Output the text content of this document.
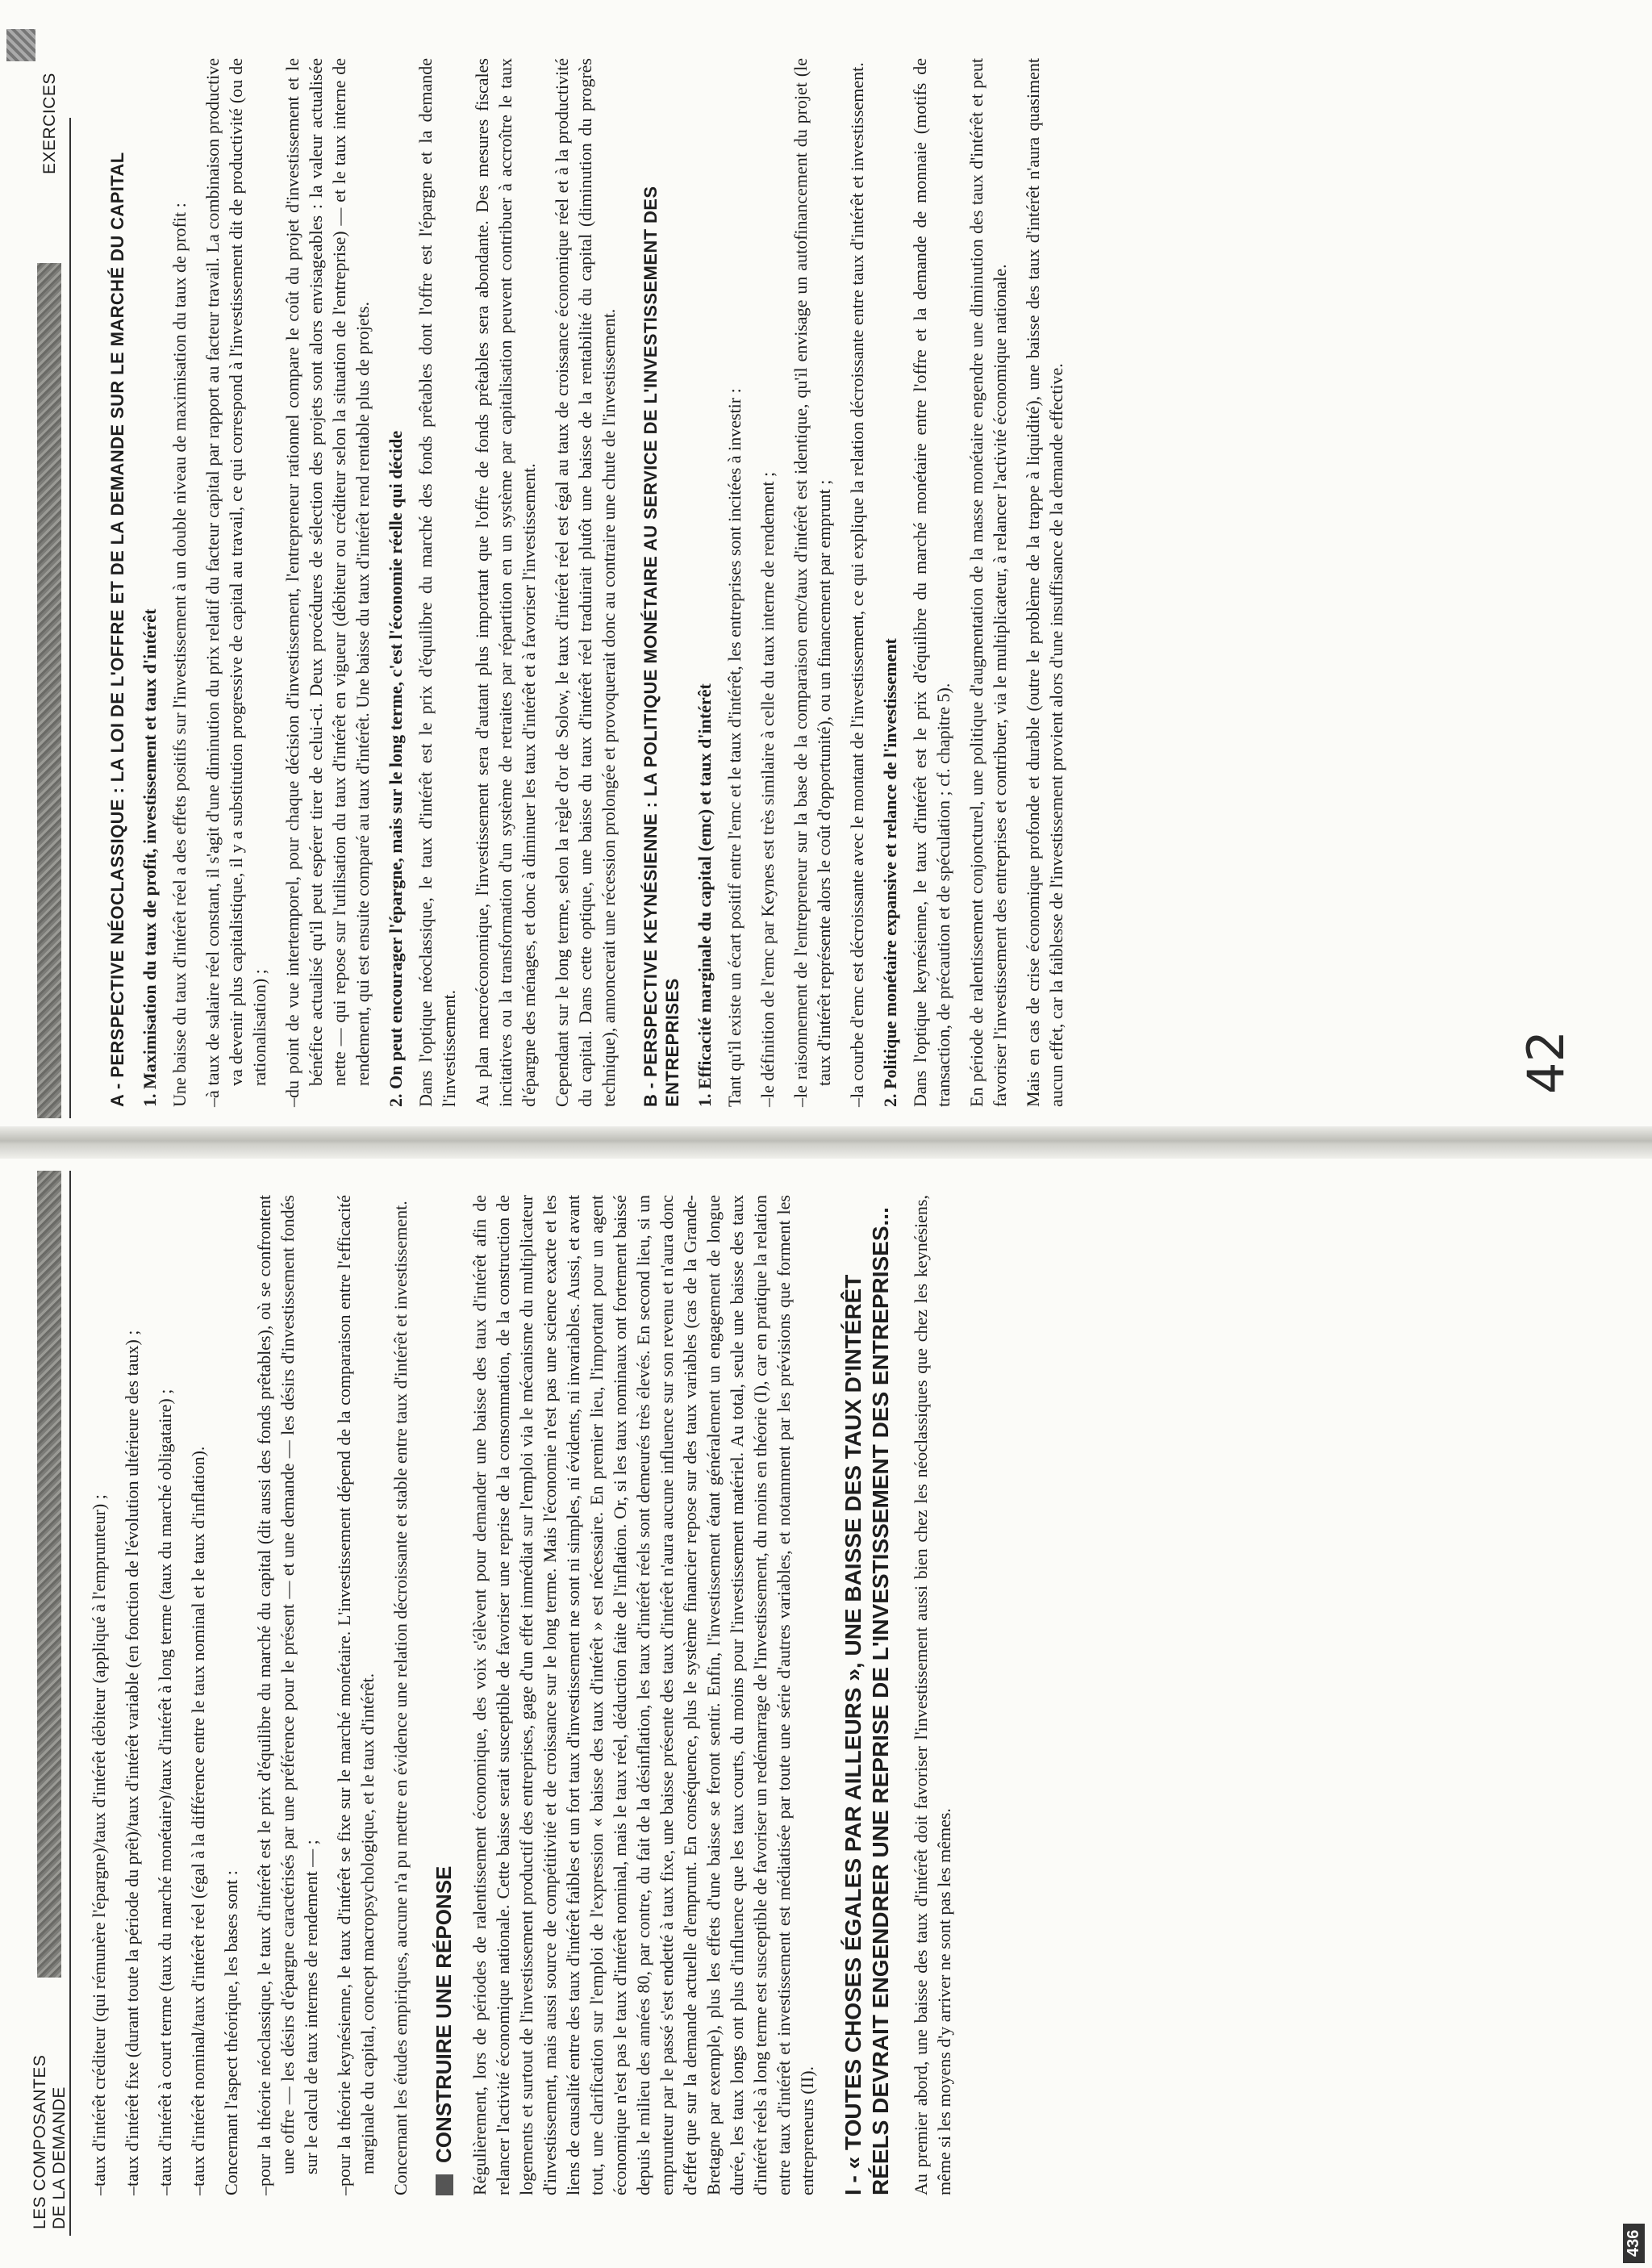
LES COMPOSANTES
DE LA DEMANDE –taux d'intérêt créditeur (qui rémunère l'épargne)/taux d'intérêt débiteur (appliqué à l'emprunteur) ; –taux d'intérêt fixe (durant toute la période du prêt)/taux d'intérêt variable (en fonction de l'évolution ultérieure des taux) ; –taux d'intérêt à court terme (taux du marché monétaire)/taux d'intérêt à long terme (taux du marché obligataire) ; –taux d'intérêt nominal/taux d'intérêt réel (égal à la différence entre le taux nominal et le taux d'inflation). Concernant l'aspect théorique, les bases sont : –pour la théorie néoclassique, le taux d'intérêt est le prix d'équilibre du marché du capital (dit aussi des fonds prêtables), où se confrontent une offre — les désirs d'épargne caractérisés par une préférence pour le présent — et une demande — les désirs d'investissement fondés sur le calcul de taux internes de rendement — ; –pour la théorie keynésienne, le taux d'intérêt se fixe sur le marché monétaire. L'investissement dépend de la comparaison entre l'efficacité marginale du capital, concept macropsychologique, et le taux d'intérêt. Concernant les études empiriques, aucune n'a pu mettre en évidence une relation décroissante et stable entre taux d'intérêt et investissement. CONSTRUIRE UNE RÉPONSE Régulièrement, lors de périodes de ralentissement économique, des voix s'élèvent pour demander une baisse des taux d'intérêt afin de relancer l'activité économique nationale. Cette baisse serait susceptible de favoriser une reprise de la consommation, de la construction de logements et surtout de l'investissement productif des entreprises, gage d'un effet immédiat sur l'emploi via le mécanisme du multiplicateur d'investissement, mais aussi source de compétitivité et de croissance sur le long terme. Mais l'économie n'est pas une science exacte et les liens de causalité entre des taux d'intérêt faibles et un fort taux d'investissement ne sont ni simples, ni évidents, ni invariables. Aussi, et avant tout, une clarification sur l'emploi de l'expression « baisse des taux d'intérêt » est nécessaire. En premier lieu, l'important pour un agent économique n'est pas le taux d'intérêt nominal, mais le taux réel, déduction faite de l'inflation. Or, si les taux nominaux ont fortement baissé depuis le milieu des années 80, par contre, du fait de la désinflation, les taux d'intérêt réels sont demeurés très élevés. En second lieu, si un emprunteur par le passé s'est endetté à taux fixe, une baisse présente des taux d'intérêt n'aura aucune influence sur son revenu et n'aura donc d'effet que sur la demande actuelle d'emprunt. En conséquence, plus le système financier repose sur des taux variables (cas de la Grande-Bretagne par exemple), plus les effets d'une baisse se feront sentir. Enfin, l'investissement étant généralement un engagement de longue durée, les taux longs ont plus d'influence que les taux courts, du moins pour l'investissement matériel. Au total, seule une baisse des taux d'intérêt réels à long terme est susceptible de favoriser un redémarrage de l'investissement, du moins en théorie (I), car en pratique la relation entre taux d'intérêt et investissement est médiatisée par toute une série d'autres variables, et notamment par les prévisions que forment les entrepreneurs (II). I - « TOUTES CHOSES ÉGALES PAR AILLEURS », UNE BAISSE DES TAUX D'INTÉRÊT RÉELS DEVRAIT ENGENDRER UNE REPRISE DE L'INVESTISSEMENT DES ENTREPRISES... Au premier abord, une baisse des taux d'intérêt doit favoriser l'investissement aussi bien chez les néoclassiques que chez les keynésiens, même si les moyens d'y arriver ne sont pas les mêmes.

436
EXERCICES
A - PERSPECTIVE NÉOCLASSIQUE : LA LOI DE L'OFFRE ET DE LA DEMANDE SUR LE MARCHÉ DU CAPITAL 1. Maximisation du taux de profit, investissement et taux d'intérêt Une baisse du taux d'intérêt réel a des effets positifs sur l'investissement à un double niveau de maximisation du taux de profit : –à taux de salaire réel constant, il s'agit d'une diminution du prix relatif du facteur capital par rapport au facteur travail. La combinaison productive va devenir plus capitalistique, il y a substitution progressive de capital au travail, ce qui correspond à l'investissement dit de productivité (ou de rationalisation) ; –du point de vue intertemporel, pour chaque décision d'investissement, l'entrepreneur rationnel compare le coût du projet d'investissement et le bénéfice actualisé qu'il peut espérer tirer de celui-ci. Deux procédures de sélection des projets sont alors envisageables : la valeur actualisée nette — qui repose sur l'utilisation du taux d'intérêt en vigueur (débiteur ou créditeur selon la situation de l'entreprise) — et le taux interne de rendement, qui est ensuite comparé au taux d'intérêt. Une baisse du taux d'intérêt rend rentable plus de projets. 2. On peut encourager l'épargne, mais sur le long terme, c'est l'économie réelle qui décide Dans l'optique néoclassique, le taux d'intérêt est le prix d'équilibre du marché des fonds prêtables dont l'offre est l'épargne et la demande l'investissement. Au plan macroéconomique, l'investissement sera d'autant plus important que l'offre de fonds prêtables sera abondante. Des mesures fiscales incitatives ou la transformation d'un système de retraites par répartition en un système par capitalisation peuvent contribuer à accroître le taux d'épargne des ménages, et donc à diminuer les taux d'intérêt et à favoriser l'investissement. Cependant sur le long terme, selon la règle d'or de Solow, le taux d'intérêt réel est égal au taux de croissance économique réel et à la productivité du capital. Dans cette optique, une baisse du taux d'intérêt réel traduirait plutôt une baisse de la rentabilité du capital (diminution du progrès technique), annoncerait une récession prolongée et provoquerait donc au contraire une chute de l'investissement. B - PERSPECTIVE KEYNÉSIENNE : LA POLITIQUE MONÉTAIRE AU SERVICE DE L'INVESTISSEMENT DES ENTREPRISES 1. Efficacité marginale du capital (emc) et taux d'intérêt Tant qu'il existe un écart positif entre l'emc et le taux d'intérêt, les entreprises sont incitées à investir : –le définition de l'emc par Keynes est très similaire à celle du taux interne de rendement ; –le raisonnement de l'entrepreneur sur la base de la comparaison emc/taux d'intérêt est identique, qu'il envisage un autofinancement du projet (le taux d'intérêt représente alors le coût d'opportunité), ou un financement par emprunt ; –la courbe d'emc est décroissante avec le montant de l'investissement, ce qui explique la relation décroissante entre taux d'intérêt et investissement. 2. Politique monétaire expansive et relance de l'investissement Dans l'optique keynésienne, le taux d'intérêt est le prix d'équilibre du marché monétaire entre l'offre et la demande de monnaie (motifs de transaction, de précaution et de spéculation ; cf. chapitre 5). En période de ralentissement conjoncturel, une politique d'augmentation de la masse monétaire engendre une diminution des taux d'intérêt et peut favoriser l'investissement des entreprises et contribuer, via le multiplicateur, à relancer l'activité économique nationale. Mais en cas de crise économique profonde et durable (outre le problème de la trappe à liquidité), une baisse des taux d'intérêt n'aura quasiment aucun effet, car la faiblesse de l'investissement provient alors d'une insuffisance de la demande effective.	42
